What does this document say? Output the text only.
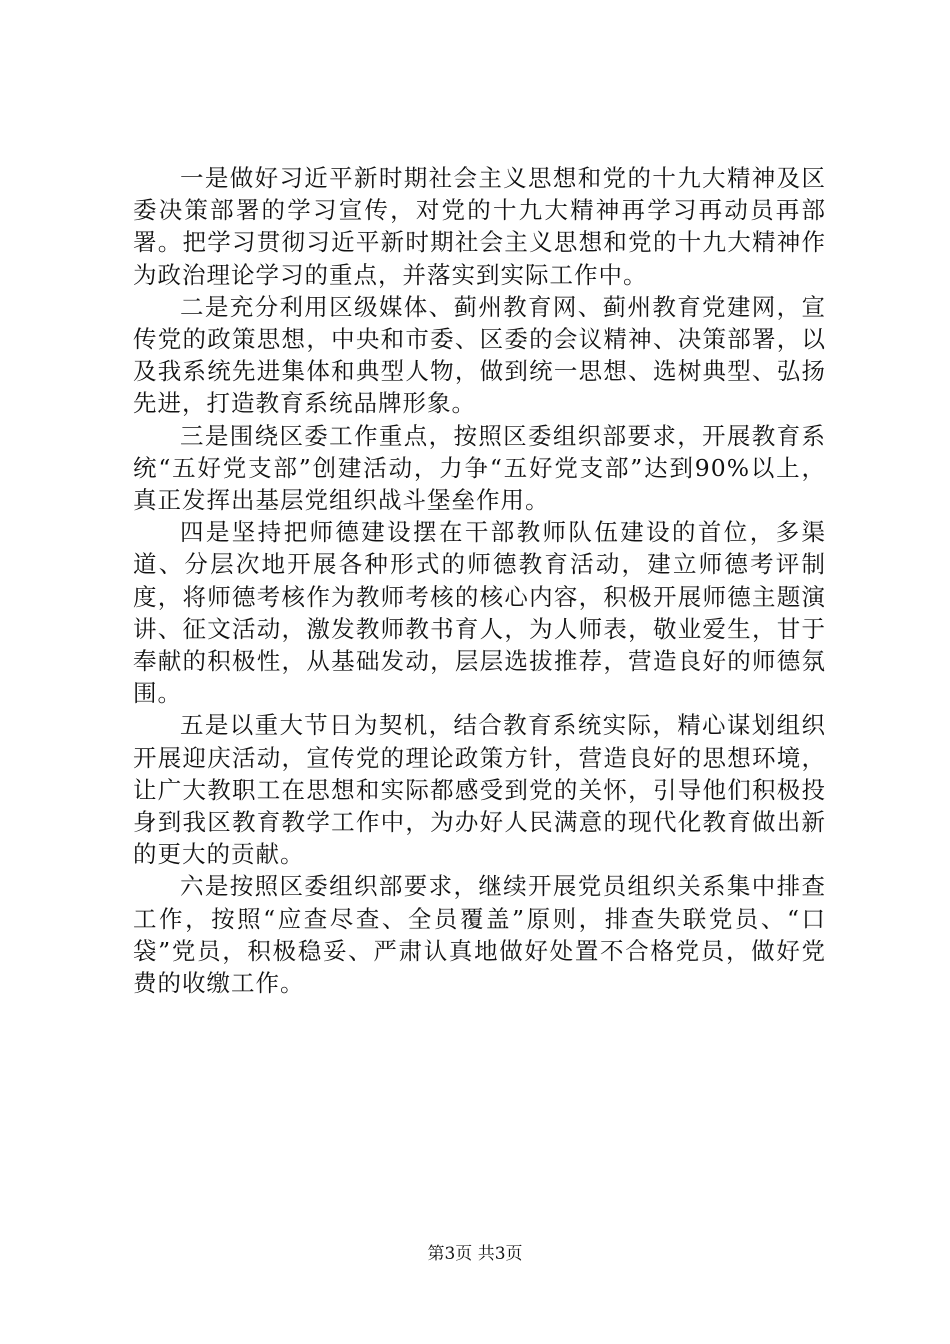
一是做好习近平新时期社会主义思想和党的十九大精神及区委决策部署的学习宣传，对党的十九大精神再学习再动员再部署。把学习贯彻习近平新时期社会主义思想和党的十九大精神作为政治理论学习的重点，并落实到实际工作中。

二是充分利用区级媒体、蓟州教育网、蓟州教育党建网，宣传党的政策思想，中央和市委、区委的会议精神、决策部署，以及我系统先进集体和典型人物，做到统一思想、选树典型、弘扬先进，打造教育系统品牌形象。

三是围绕区委工作重点，按照区委组织部要求，开展教育系统“五好党支部”创建活动，力争“五好党支部”达到90%以上，真正发挥出基层党组织战斗堡垒作用。

四是坚持把师德建设摆在干部教师队伍建设的首位，多渠道、分层次地开展各种形式的师德教育活动，建立师德考评制度，将师德考核作为教师考核的核心内容，积极开展师德主题演讲、征文活动，激发教师教书育人，为人师表，敬业爱生，甘于奉献的积极性，从基础发动，层层选拔推荐，营造良好的师德氛围。

五是以重大节日为契机，结合教育系统实际，精心谋划组织开展迎庆活动，宣传党的理论政策方针，营造良好的思想环境，让广大教职工在思想和实际都感受到党的关怀，引导他们积极投身到我区教育教学工作中，为办好人民满意的现代化教育做出新的更大的贡献。

六是按照区委组织部要求，继续开展党员组织关系集中排查工作，按照“应查尽查、全员覆盖”原则，排查失联党员、“口袋”党员，积极稳妥、严肃认真地做好处置不合格党员，做好党费的收缴工作。

第3页 共3页
